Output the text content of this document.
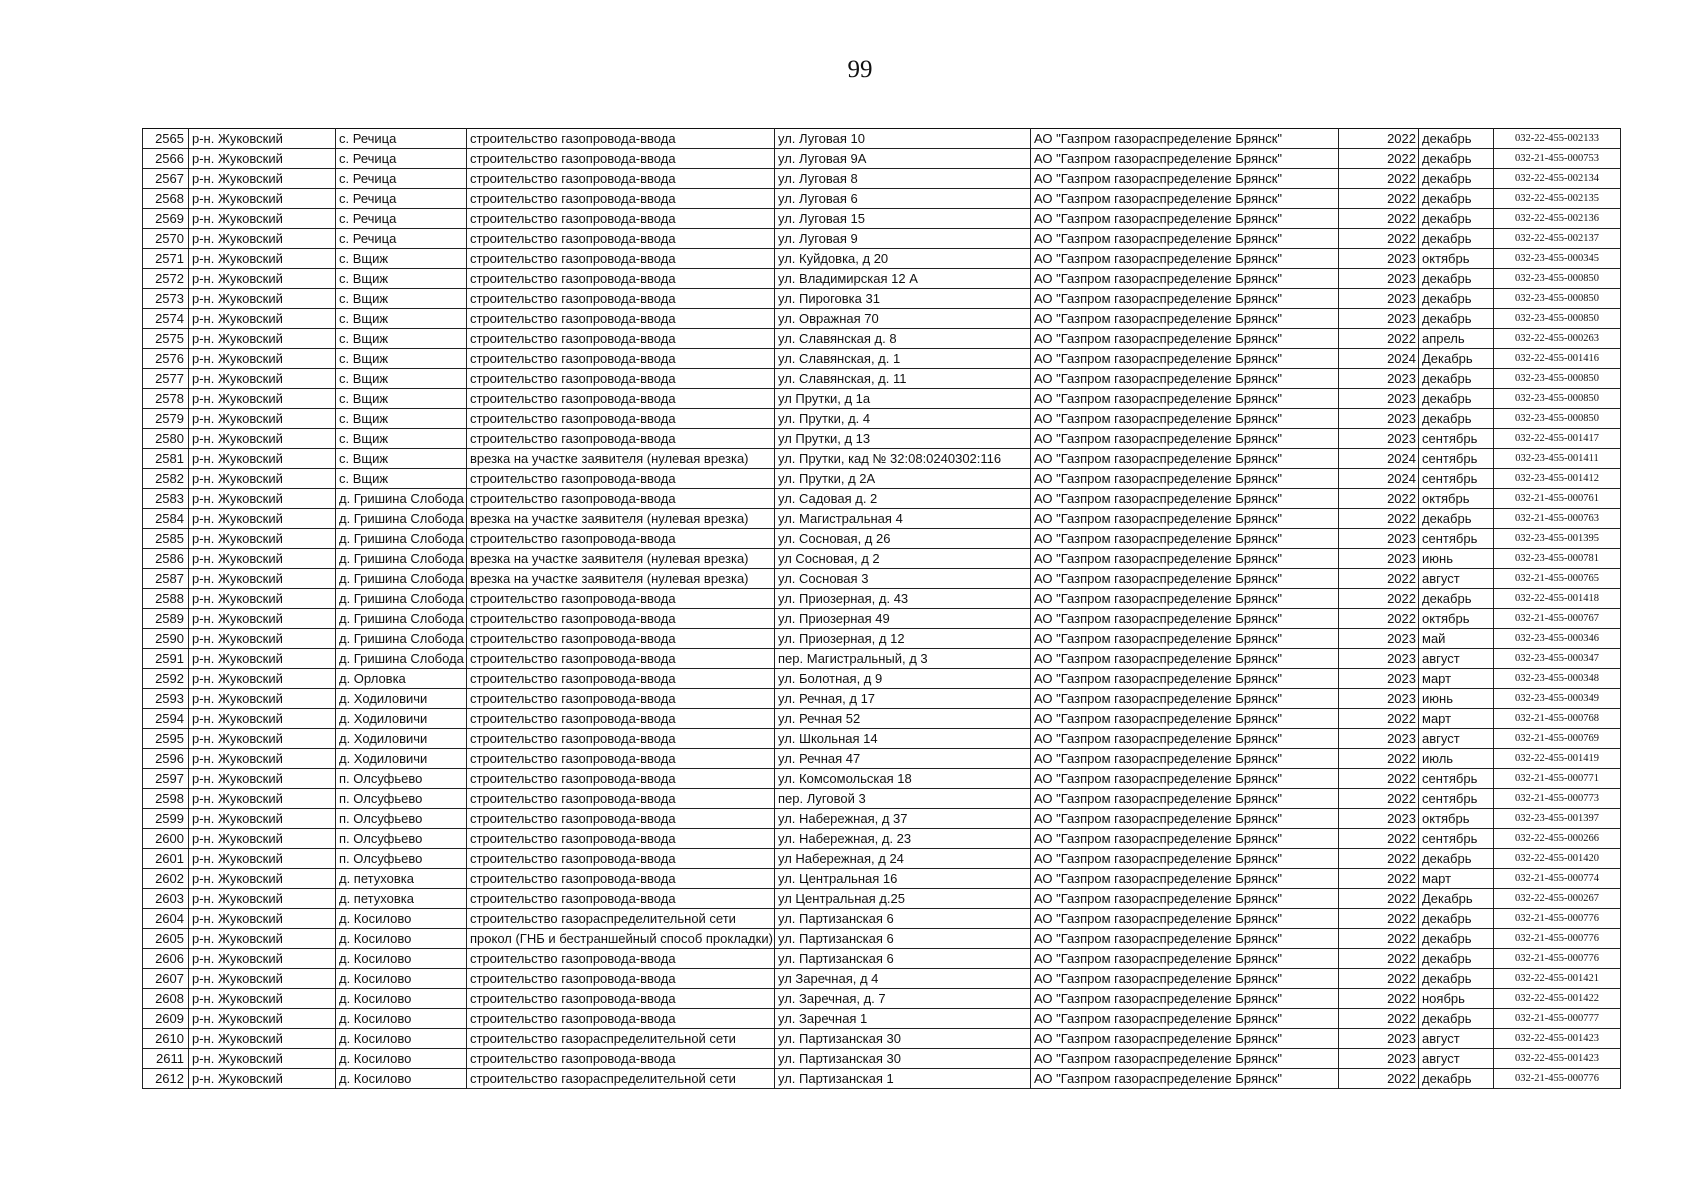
99
2565	р-н. Жуковский	с. Речица	строительство газопровода-ввода	ул. Луговая 10	АО "Газпром газораспределение Брянск"	2022	декабрь	032-22-455-002133
2566	р-н. Жуковский	с. Речица	строительство газопровода-ввода	ул. Луговая 9А	АО "Газпром газораспределение Брянск"	2022	декабрь	032-21-455-000753
2567	р-н. Жуковский	с. Речица	строительство газопровода-ввода	ул. Луговая 8	АО "Газпром газораспределение Брянск"	2022	декабрь	032-22-455-002134
2568	р-н. Жуковский	с. Речица	строительство газопровода-ввода	ул. Луговая 6	АО "Газпром газораспределение Брянск"	2022	декабрь	032-22-455-002135
2569	р-н. Жуковский	с. Речица	строительство газопровода-ввода	ул. Луговая 15	АО "Газпром газораспределение Брянск"	2022	декабрь	032-22-455-002136
2570	р-н. Жуковский	с. Речица	строительство газопровода-ввода	ул. Луговая 9	АО "Газпром газораспределение Брянск"	2022	декабрь	032-22-455-002137
2571	р-н. Жуковский	с. Вщиж	строительство газопровода-ввода	ул. Куйдовка, д 20	АО "Газпром газораспределение Брянск"	2023	октябрь	032-23-455-000345
2572	р-н. Жуковский	с. Вщиж	строительство газопровода-ввода	ул. Владимирская 12 А	АО "Газпром газораспределение Брянск"	2023	декабрь	032-23-455-000850
2573	р-н. Жуковский	с. Вщиж	строительство газопровода-ввода	ул. Пироговка 31	АО "Газпром газораспределение Брянск"	2023	декабрь	032-23-455-000850
2574	р-н. Жуковский	с. Вщиж	строительство газопровода-ввода	ул. Овражная 70	АО "Газпром газораспределение Брянск"	2023	декабрь	032-23-455-000850
2575	р-н. Жуковский	с. Вщиж	строительство газопровода-ввода	ул. Славянская д. 8	АО "Газпром газораспределение Брянск"	2022	апрель	032-22-455-000263
2576	р-н. Жуковский	с. Вщиж	строительство газопровода-ввода	ул. Славянская, д. 1	АО "Газпром газораспределение Брянск"	2024	Декабрь	032-22-455-001416
2577	р-н. Жуковский	с. Вщиж	строительство газопровода-ввода	ул. Славянская, д. 11	АО "Газпром газораспределение Брянск"	2023	декабрь	032-23-455-000850
2578	р-н. Жуковский	с. Вщиж	строительство газопровода-ввода	ул Прутки, д 1а	АО "Газпром газораспределение Брянск"	2023	декабрь	032-23-455-000850
2579	р-н. Жуковский	с. Вщиж	строительство газопровода-ввода	ул. Прутки, д. 4	АО "Газпром газораспределение Брянск"	2023	декабрь	032-23-455-000850
2580	р-н. Жуковский	с. Вщиж	строительство газопровода-ввода	ул Прутки, д 13	АО "Газпром газораспределение Брянск"	2023	сентябрь	032-22-455-001417
2581	р-н. Жуковский	с. Вщиж	врезка на участке заявителя (нулевая врезка)	ул. Прутки, кад № 32:08:0240302:116	АО "Газпром газораспределение Брянск"	2024	сентябрь	032-23-455-001411
2582	р-н. Жуковский	с. Вщиж	строительство газопровода-ввода	ул. Прутки, д 2А	АО "Газпром газораспределение Брянск"	2024	сентябрь	032-23-455-001412
2583	р-н. Жуковский	д. Гришина Слобода	строительство газопровода-ввода	ул. Садовая д. 2	АО "Газпром газораспределение Брянск"	2022	октябрь	032-21-455-000761
2584	р-н. Жуковский	д. Гришина Слобода	врезка на участке заявителя (нулевая врезка)	ул. Магистральная 4	АО "Газпром газораспределение Брянск"	2022	декабрь	032-21-455-000763
2585	р-н. Жуковский	д. Гришина Слобода	строительство газопровода-ввода	ул. Сосновая, д 26	АО "Газпром газораспределение Брянск"	2023	сентябрь	032-23-455-001395
2586	р-н. Жуковский	д. Гришина Слобода	врезка на участке заявителя (нулевая врезка)	ул Сосновая, д 2	АО "Газпром газораспределение Брянск"	2023	июнь	032-23-455-000781
2587	р-н. Жуковский	д. Гришина Слобода	врезка на участке заявителя (нулевая врезка)	ул. Сосновая 3	АО "Газпром газораспределение Брянск"	2022	август	032-21-455-000765
2588	р-н. Жуковский	д. Гришина Слобода	строительство газопровода-ввода	ул. Приозерная, д. 43	АО "Газпром газораспределение Брянск"	2022	декабрь	032-22-455-001418
2589	р-н. Жуковский	д. Гришина Слобода	строительство газопровода-ввода	ул. Приозерная 49	АО "Газпром газораспределение Брянск"	2022	октябрь	032-21-455-000767
2590	р-н. Жуковский	д. Гришина Слобода	строительство газопровода-ввода	ул. Приозерная, д 12	АО "Газпром газораспределение Брянск"	2023	май	032-23-455-000346
2591	р-н. Жуковский	д. Гришина Слобода	строительство газопровода-ввода	пер. Магистральный, д 3	АО "Газпром газораспределение Брянск"	2023	август	032-23-455-000347
2592	р-н. Жуковский	д. Орловка	строительство газопровода-ввода	ул. Болотная, д 9	АО "Газпром газораспределение Брянск"	2023	март	032-23-455-000348
2593	р-н. Жуковский	д. Ходиловичи	строительство газопровода-ввода	ул. Речная, д 17	АО "Газпром газораспределение Брянск"	2023	июнь	032-23-455-000349
2594	р-н. Жуковский	д. Ходиловичи	строительство газопровода-ввода	ул. Речная 52	АО "Газпром газораспределение Брянск"	2022	март	032-21-455-000768
2595	р-н. Жуковский	д. Ходиловичи	строительство газопровода-ввода	ул. Школьная 14	АО "Газпром газораспределение Брянск"	2023	август	032-21-455-000769
2596	р-н. Жуковский	д. Ходиловичи	строительство газопровода-ввода	ул. Речная 47	АО "Газпром газораспределение Брянск"	2022	июль	032-22-455-001419
2597	р-н. Жуковский	п. Олсуфьево	строительство газопровода-ввода	ул. Комсомольская 18	АО "Газпром газораспределение Брянск"	2022	сентябрь	032-21-455-000771
2598	р-н. Жуковский	п. Олсуфьево	строительство газопровода-ввода	пер. Луговой 3	АО "Газпром газораспределение Брянск"	2022	сентябрь	032-21-455-000773
2599	р-н. Жуковский	п. Олсуфьево	строительство газопровода-ввода	ул. Набережная, д 37	АО "Газпром газораспределение Брянск"	2023	октябрь	032-23-455-001397
2600	р-н. Жуковский	п. Олсуфьево	строительство газопровода-ввода	ул. Набережная, д. 23	АО "Газпром газораспределение Брянск"	2022	сентябрь	032-22-455-000266
2601	р-н. Жуковский	п. Олсуфьево	строительство газопровода-ввода	ул Набережная, д 24	АО "Газпром газораспределение Брянск"	2022	декабрь	032-22-455-001420
2602	р-н. Жуковский	д. петуховка	строительство газопровода-ввода	ул. Центральная 16	АО "Газпром газораспределение Брянск"	2022	март	032-21-455-000774
2603	р-н. Жуковский	д. петуховка	строительство газопровода-ввода	ул Центральная д.25	АО "Газпром газораспределение Брянск"	2022	Декабрь	032-22-455-000267
2604	р-н. Жуковский	д. Косилово	строительство газораспределительной сети	ул. Партизанская 6	АО "Газпром газораспределение Брянск"	2022	декабрь	032-21-455-000776
2605	р-н. Жуковский	д. Косилово	прокол (ГНБ и бестраншейный способ прокладки)	ул. Партизанская 6	АО "Газпром газораспределение Брянск"	2022	декабрь	032-21-455-000776
2606	р-н. Жуковский	д. Косилово	строительство газопровода-ввода	ул. Партизанская 6	АО "Газпром газораспределение Брянск"	2022	декабрь	032-21-455-000776
2607	р-н. Жуковский	д. Косилово	строительство газопровода-ввода	ул Заречная, д 4	АО "Газпром газораспределение Брянск"	2022	декабрь	032-22-455-001421
2608	р-н. Жуковский	д. Косилово	строительство газопровода-ввода	ул. Заречная, д. 7	АО "Газпром газораспределение Брянск"	2022	ноябрь	032-22-455-001422
2609	р-н. Жуковский	д. Косилово	строительство газопровода-ввода	ул. Заречная 1	АО "Газпром газораспределение Брянск"	2022	декабрь	032-21-455-000777
2610	р-н. Жуковский	д. Косилово	строительство газораспределительной сети	ул. Партизанская 30	АО "Газпром газораспределение Брянск"	2023	август	032-22-455-001423
2611	р-н. Жуковский	д. Косилово	строительство газопровода-ввода	ул. Партизанская 30	АО "Газпром газораспределение Брянск"	2023	август	032-22-455-001423
2612	р-н. Жуковский	д. Косилово	строительство газораспределительной сети	ул. Партизанская 1	АО "Газпром газораспределение Брянск"	2022	декабрь	032-21-455-000776
